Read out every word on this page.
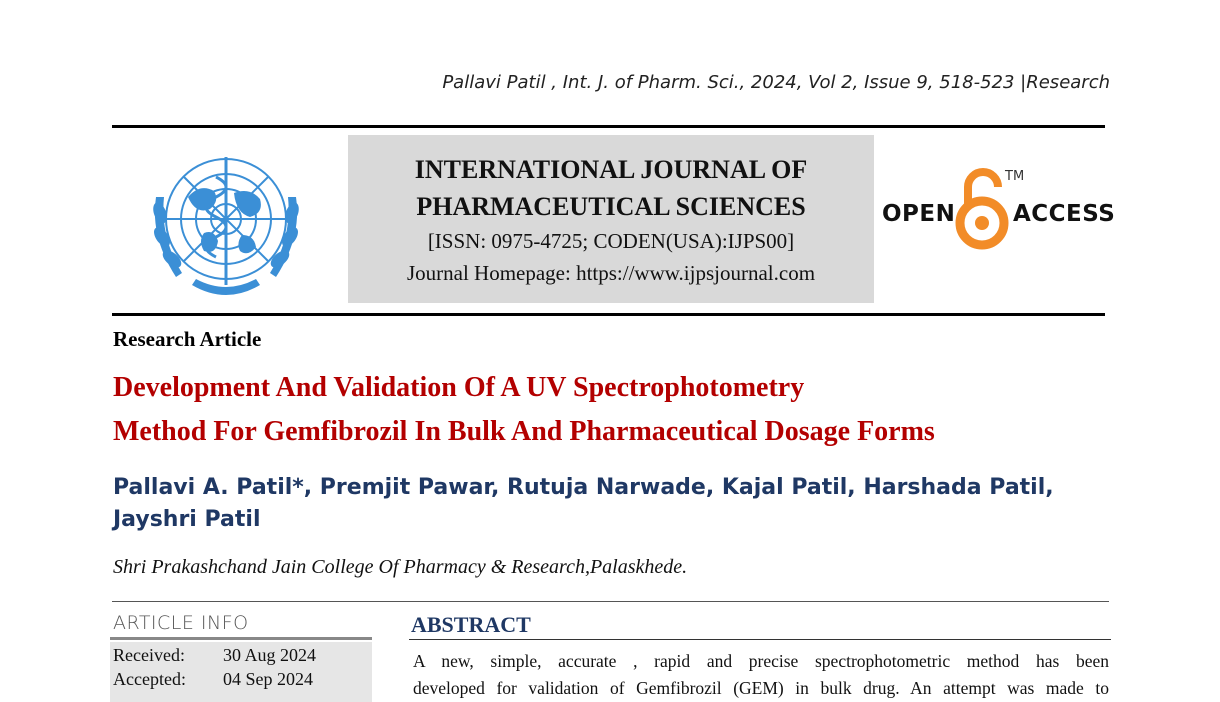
Pallavi Patil , Int. J. of Pharm. Sci., 2024, Vol 2, Issue 9, 518-523 |Research
INTERNATIONAL JOURNAL OF
PHARMACEUTICAL SCIENCES
[ISSN: 0975-4725; CODEN(USA):IJPS00]
Journal Homepage: https://www.ijpsjournal.com
OPEN
TM
ACCESS
Research Article
Development And Validation Of A UV Spectrophotometry
Method For Gemfibrozil In Bulk And Pharmaceutical Dosage Forms
Pallavi A. Patil*, Premjit Pawar, Rutuja Narwade, Kajal Patil, Harshada Patil,
Jayshri Patil
Shri Prakashchand Jain College Of Pharmacy & Research,Palaskhede.
ARTICLE INFO
Received: 30 Aug 2024
Accepted: 04 Sep 2024
ABSTRACT
A new, simple, accurate , rapid and precise spectrophotometric method has been
developed for validation of Gemfibrozil (GEM) in bulk drug. An attempt was made to
